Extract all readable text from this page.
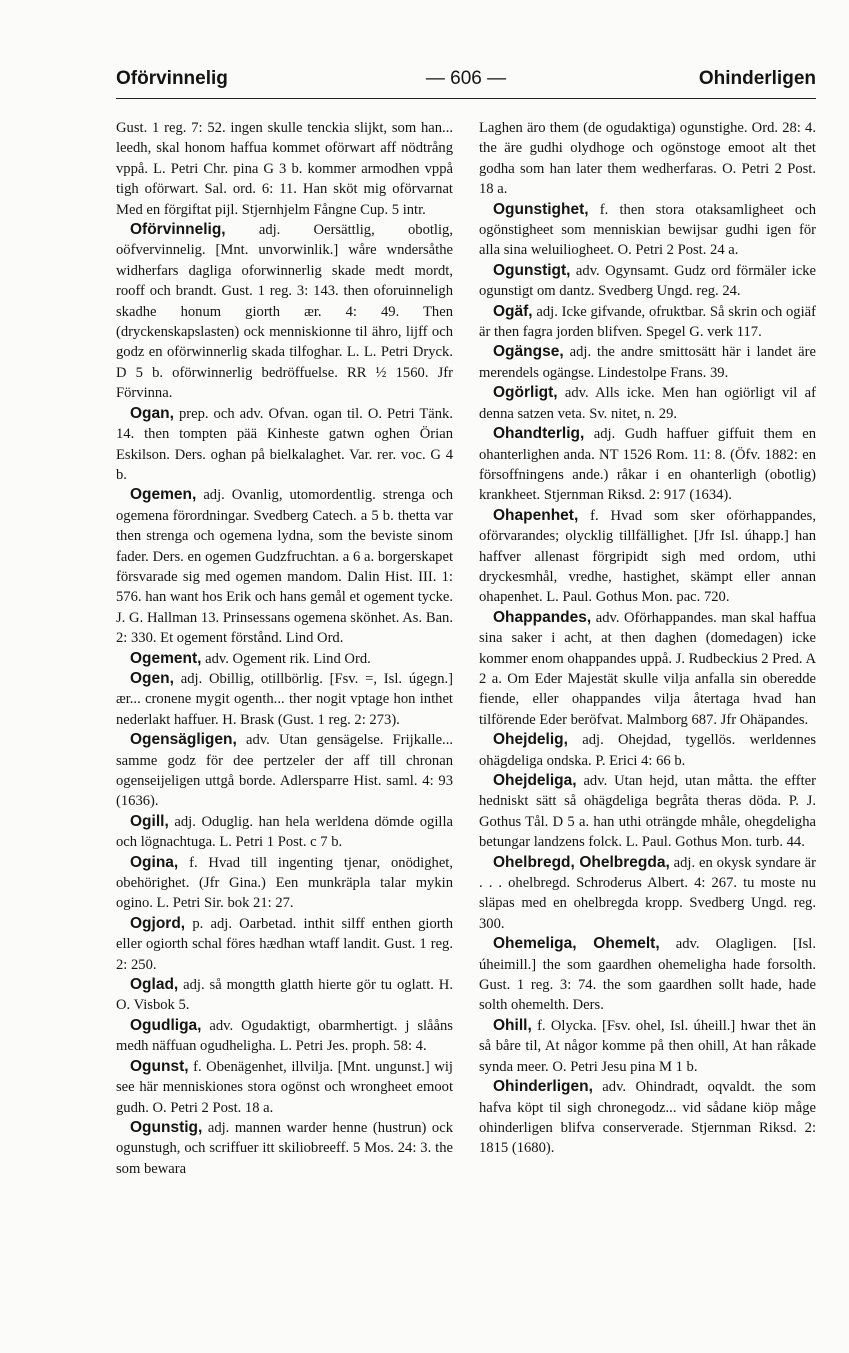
Oförvinnelig	— 606 —	Ohinderligen

Gust. 1 reg. 7: 52. ingen skulle tenckia slijkt, som han... leedh, skal honom haffua kommet oförwart aff nödtrång vppå. L. Petri Chr. pina G 3 b. kommer armodhen vppå tigh oförwart. Sal. ord. 6: 11. Han sköt mig oförvarnat Med en förgiftat pijl. Stjernhjelm Fångne Cup. 5 intr.

Oförvinnelig, adj. Oersättlig, obotlig, oöfvervinnelig. [Mnt. unvorwinlik.] wåre wndersåthe widherfars dagliga oforwinnerlig skade medt mordt, rooff och brandt. Gust. 1 reg. 3: 143. then oforuinneligh skadhe honum giorth ær. 4: 49. Then (dryckenskapslasten) ock menniskionne til ähro, lijff och godz en oförwinnerlig skada tilfoghar. L. L. Petri Dryck. D 5 b. oförwinnerlig bedröffuelse. RR ½ 1560. Jfr Förvinna.

Ogan, prep. och adv. Ofvan. ogan til. O. Petri Tänk. 14. then tompten pää Kinheste gatwn oghen Örian Eskilson. Ders. oghan på bielkalaghet. Var. rer. voc. G 4 b.

Ogemen, adj. Ovanlig, utomordentlig. strenga och ogemena förordningar. Svedberg Catech. a 5 b. thetta var then strenga och ogemena lydna, som the beviste sinom fader. Ders. en ogemen Gudzfruchtan. a 6 a. borgerskapet försvarade sig med ogemen mandom. Dalin Hist. III. 1: 576. han want hos Erik och hans gemål et ogement tycke. J. G. Hallman 13. Prinsessans ogemena skönhet. As. Ban. 2: 330. Et ogement förstånd. Lind Ord.

Ogement, adv. Ogement rik. Lind Ord.

Ogen, adj. Obillig, otillbörlig. [Fsv. =, Isl. úgegn.] ær... cronene mygit ogenth... ther nogit vptage hon inthet nederlakt haffuer. H. Brask (Gust. 1 reg. 2: 273).

Ogensägligen, adv. Utan gensägelse. Frijkalle... samme godz för dee pertzeler der aff till chronan ogenseijeligen uttgå borde. Adlersparre Hist. saml. 4: 93 (1636).

Ogill, adj. Oduglig. han hela werldena dömde ogilla och lögnachtuga. L. Petri 1 Post. c 7 b.

Ogina, f. Hvad till ingenting tjenar, onödighet, obehörighet. (Jfr Gina.) Een munkräpla talar mykin ogino. L. Petri Sir. bok 21: 27.

Ogjord, p. adj. Oarbetad. inthit silff enthen giorth eller ogiorth schal föres hædhan wtaff landit. Gust. 1 reg. 2: 250.

Oglad, adj. så mongtth glatth hierte gör tu oglatt. H. O. Visbok 5.

Ogudliga, adv. Ogudaktigt, obarmhertigt. j slååns medh näffuan ogudheligha. L. Petri Jes. proph. 58: 4.

Ogunst, f. Obenägenhet, illvilja. [Mnt. ungunst.] wij see här menniskiones stora ogönst och wrongheet emoot gudh. O. Petri 2 Post. 18 a.

Ogunstig, adj. mannen warder henne (hustrun) ock ogunstugh, och scriffuer itt skiliobreeff. 5 Mos. 24: 3. the som bewara

Laghen äro them (de ogudaktiga) ogunstighe. Ord. 28: 4. the äre gudhi olydhoge och ogönstoge emoot alt thet godha som han later them wedherfaras. O. Petri 2 Post. 18 a.

Ogunstighet, f. then stora otaksamligheet och ogönstigheet som menniskian bewijsar gudhi igen för alla sina weluiliogheet. O. Petri 2 Post. 24 a.

Ogunstigt, adv. Ogynsamt. Gudz ord förmäler icke ogunstigt om dantz. Svedberg Ungd. reg. 24.

Ogäf, adj. Icke gifvande, ofruktbar. Så skrin och ogiäf är then fagra jorden blifven. Spegel G. verk 117.

Ogängse, adj. the andre smittosätt här i landet äre merendels ogängse. Lindestolpe Frans. 39.

Ogörligt, adv. Alls icke. Men han ogiörligt vil af denna satzen veta. Sv. nitet, n. 29.

Ohandterlig, adj. Gudh haffuer giffuit them en ohanterlighen anda. NT 1526 Rom. 11: 8. (Öfv. 1882: en försoffningens ande.) råkar i en ohanterligh (obotlig) krankheet. Stjernman Riksd. 2: 917 (1634).

Ohapenhet, f. Hvad som sker oförhappandes, oförvarandes; olycklig tillfällighet. [Jfr Isl. úhapp.] han haffver allenast förgripidt sigh med ordom, uthi dryckesmhål, vredhe, hastighet, skämpt eller annan ohapenhet. L. Paul. Gothus Mon. pac. 720.

Ohappandes, adv. Oförhappandes. man skal haffua sina saker i acht, at then daghen (domedagen) icke kommer enom ohappandes uppå. J. Rudbeckius 2 Pred. A 2 a. Om Eder Majestät skulle vilja anfalla sin oberedde fiende, eller ohappandes vilja återtaga hvad han tilförende Eder beröfvat. Malmborg 687. Jfr Ohäpandes.

Ohejdelig, adj. Ohejdad, tygellös. werldennes ohägdeliga ondska. P. Erici 4: 66 b.

Ohejdeliga, adv. Utan hejd, utan måtta. the effter hedniskt sätt så ohägdeliga begråta theras döda. P. J. Gothus Tål. D 5 a. han uthi oträngde mhåle, ohegdeligha betungar landzens folck. L. Paul. Gothus Mon. turb. 44.

Ohelbregd, Ohelbregda, adj. en okysk syndare är . . . ohelbregd. Schroderus Albert. 4: 267. tu moste nu släpas med en ohelbregda kropp. Svedberg Ungd. reg. 300.

Ohemeliga, Ohemelt, adv. Olagligen. [Isl. úheimill.] the som gaardhen ohemeligha hade forsolth. Gust. 1 reg. 3: 74. the som gaardhen sollt hade, hade solth ohemelth. Ders.

Ohill, f. Olycka. [Fsv. ohel, Isl. úheill.] hwar thet än så båre til, At någor komme på then ohill, At han råkade synda meer. O. Petri Jesu pina M 1 b.

Ohinderligen, adv. Ohindradt, oqvaldt. the som hafva köpt til sigh chronegodz... vid sådane kiöp måge ohinderligen blifva conserverade. Stjernman Riksd. 2: 1815 (1680).
